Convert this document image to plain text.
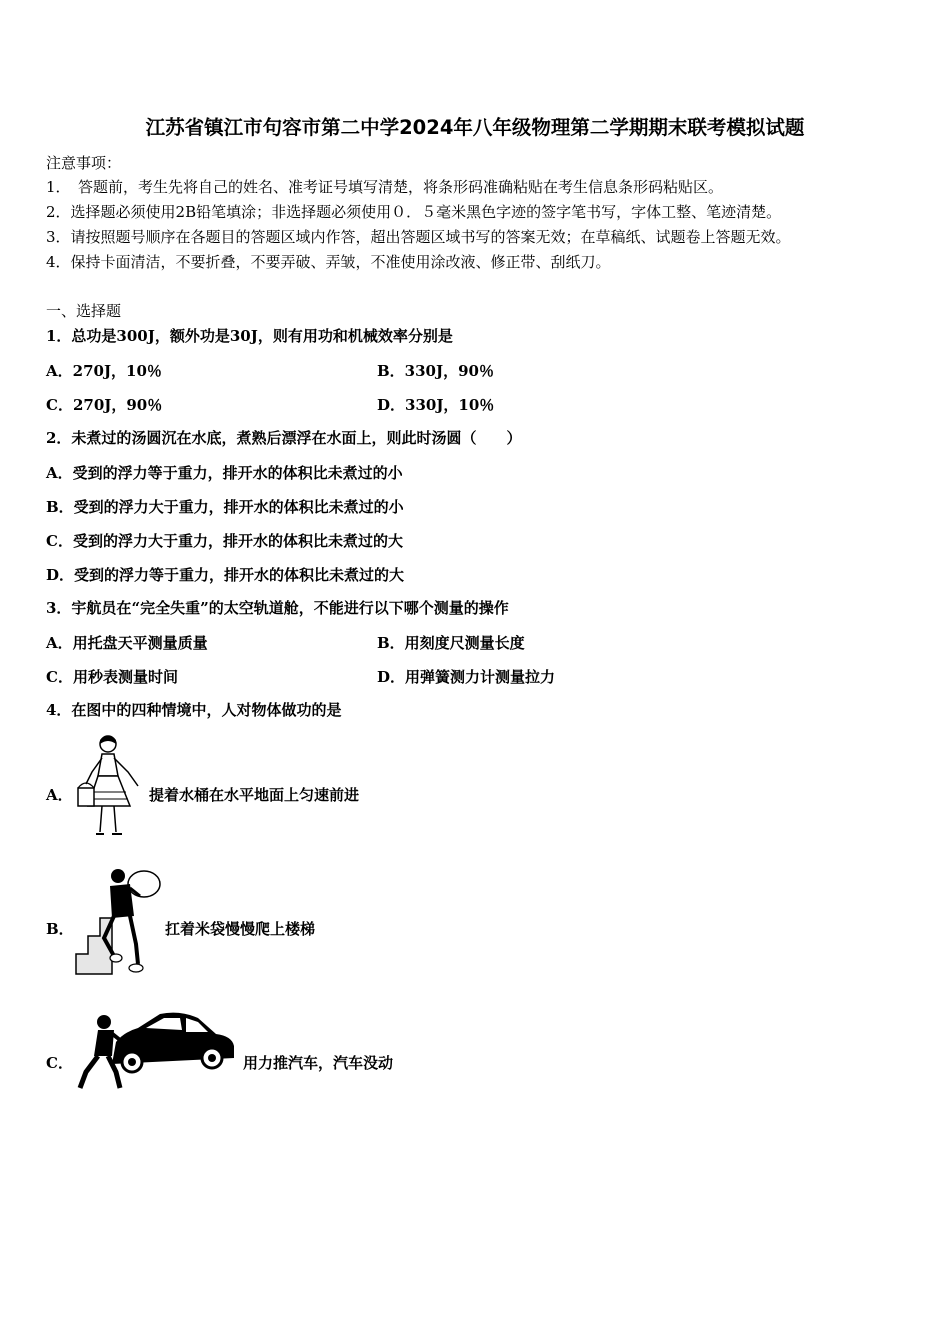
江苏省镇江市句容市第二中学2024年八年级物理第二学期期末联考模拟试题
注意事项：
1．　答题前，考生先将自己的姓名、准考证号填写清楚，将条形码准确粘贴在考生信息条形码粘贴区。
2．选择题必须使用2B铅笔填涂；非选择题必须使用０．５毫米黑色字迹的签字笔书写，字体工整、笔迹清楚。
3．请按照题号顺序在各题目的答题区域内作答，超出答题区域书写的答案无效；在草稿纸、试题卷上答题无效。
4．保持卡面清洁，不要折叠，不要弄破、弄皱，不准使用涂改液、修正带、刮纸刀。
一、选择题
1．总功是300J，额外功是30J，则有用功和机械效率分别是
A．270J，10％	B．330J，90％
C．270J，90％	D．330J，10％
2．未煮过的汤圆沉在水底，煮熟后漂浮在水面上，则此时汤圆（　　）
A．受到的浮力等于重力，排开水的体积比未煮过的小
B．受到的浮力大于重力，排开水的体积比未煮过的小
C．受到的浮力大于重力，排开水的体积比未煮过的大
D．受到的浮力等于重力，排开水的体积比未煮过的大
3．宇航员在“完全失重”的太空轨道舱，不能进行以下哪个测量的操作
A．用托盘天平测量质量	B．用刻度尺测量长度
C．用秒表测量时间	D．用弹簧测力计测量拉力
4．在图中的四种情境中，人对物体做功的是
A．	提着水桶在水平地面上匀速前进
B．	扛着米袋慢慢爬上楼梯
C．	用力推汽车，汽车没动
